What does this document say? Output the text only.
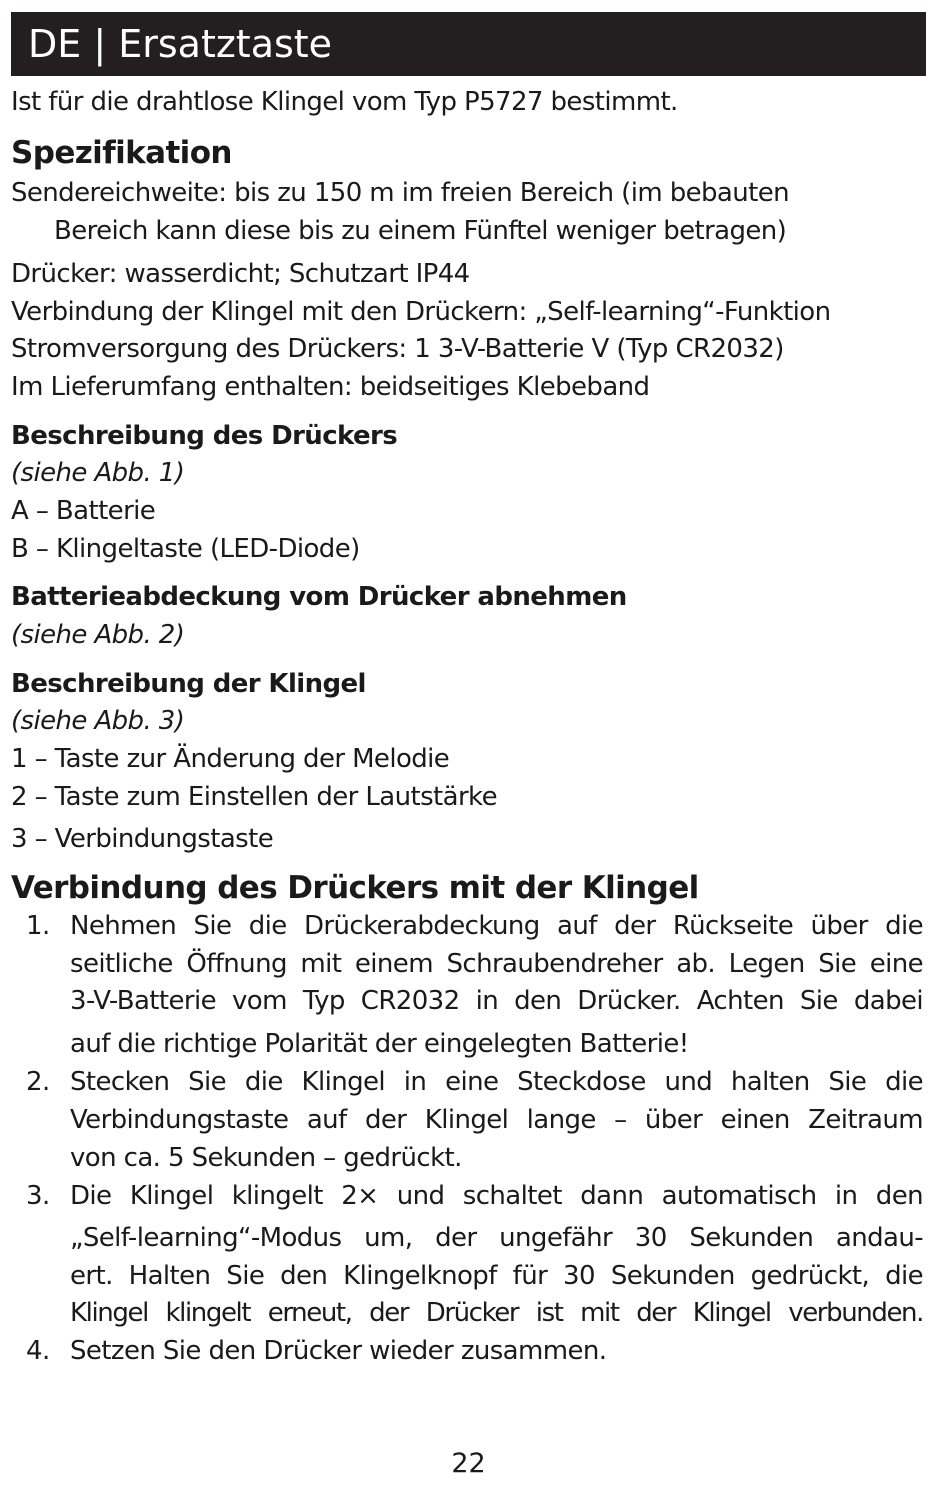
DE | Ersatztaste
Ist für die drahtlose Klingel vom Typ P5727 bestimmt.
Spezifikation
Sendereichweite: bis zu 150 m im freien Bereich (im bebauten
Bereich kann diese bis zu einem Fünftel weniger betragen)
Drücker: wasserdicht; Schutzart IP44
Verbindung der Klingel mit den Drückern: „Self-learning“-Funktion
Stromversorgung des Drückers: 1 3-V-Batterie V (Typ CR2032)
Im Lieferumfang enthalten: beidseitiges Klebeband
Beschreibung des Drückers
(siehe Abb. 1)
A – Batterie
B – Klingeltaste (LED-Diode)
Batterieabdeckung vom Drücker abnehmen
(siehe Abb. 2)
Beschreibung der Klingel
(siehe Abb. 3)
1 – Taste zur Änderung der Melodie
2 – Taste zum Einstellen der Lautstärke
3 – Verbindungstaste
Verbindung des Drückers mit der Klingel
1. Nehmen Sie die Drückerabdeckung auf der Rückseite über die
seitliche Öffnung mit einem Schraubendreher ab. Legen Sie eine
3-V-Batterie vom Typ CR2032 in den Drücker. Achten Sie dabei
auf die richtige Polarität der eingelegten Batterie!
2. Stecken Sie die Klingel in eine Steckdose und halten Sie die
Verbindungstaste auf der Klingel lange – über einen Zeitraum
von ca. 5 Sekunden – gedrückt.
3. Die Klingel klingelt 2× und schaltet dann automatisch in den
„Self-learning“-Modus um, der ungefähr 30 Sekunden andau-
ert. Halten Sie den Klingelknopf für 30 Sekunden gedrückt, die
Klingel klingelt erneut, der Drücker ist mit der Klingel verbunden.
4. Setzen Sie den Drücker wieder zusammen.
22
